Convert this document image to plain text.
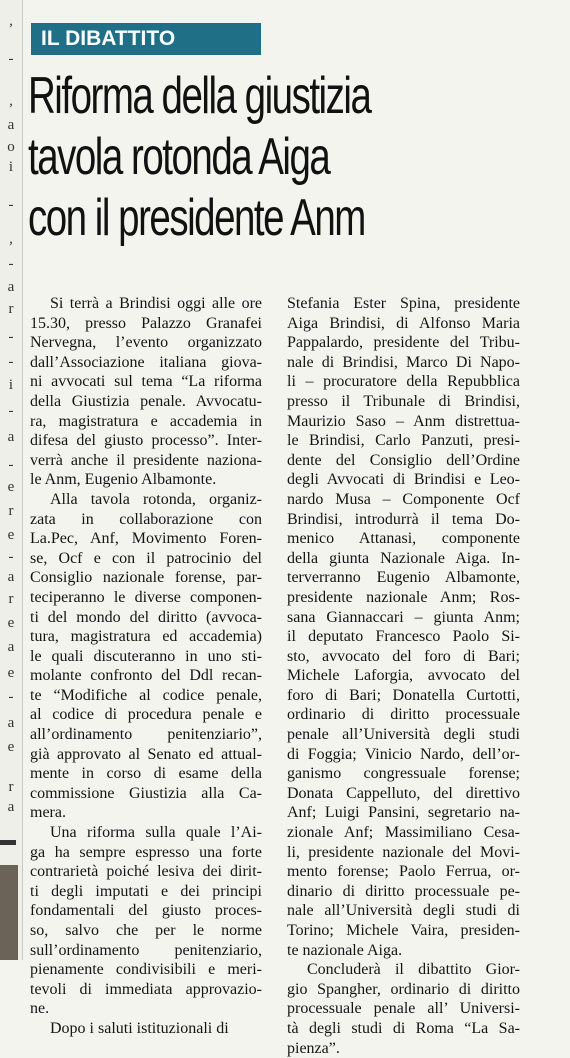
,
-
,
a
o
i
-
,
-
a
r
-
-
i
-
a
-
e
r
e
-
a
r
e
a
e
-
a
e
r
a
IL DIBATTITO
Riforma della giustizia
tavola rotonda Aiga
con il presidente Anm

Si terrà a Brindisi oggi alle ore
15.30, presso Palazzo Granafei
Nervegna, l’evento organizzato
dall’Associazione italiana giova-
ni avvocati sul tema “La riforma
della Giustizia penale. Avvocatu-
ra, magistratura e accademia in
difesa del giusto processo”. Inter-
verrà anche il presidente naziona-
le Anm, Eugenio Albamonte.

Alla tavola rotonda, organiz-
zata in collaborazione con
La.Pec, Anf, Movimento Foren-
se, Ocf e con il patrocinio del
Consiglio nazionale forense, par-
teciperanno le diverse componen-
ti del mondo del diritto (avvoca-
tura, magistratura ed accademia)
le quali discuteranno in uno sti-
molante confronto del Ddl recan-
te “Modifiche al codice penale,
al codice di procedura penale e
all’ordinamento penitenziario”,
già approvato al Senato ed attual-
mente in corso di esame della
commissione Giustizia alla Ca-
mera.

Una riforma sulla quale l’Ai-
ga ha sempre espresso una forte
contrarietà poiché lesiva dei dirit-
ti degli imputati e dei principi
fondamentali del giusto proces-
so, salvo che per le norme
sull’ordinamento penitenziario,
pienamente condivisibili e meri-
tevoli di immediata approvazio-
ne.

Dopo i saluti istituzionali di

Stefania Ester Spina, presidente
Aiga Brindisi, di Alfonso Maria
Pappalardo, presidente del Tribu-
nale di Brindisi, Marco Di Napo-
li – procuratore della Repubblica
presso il Tribunale di Brindisi,
Maurizio Saso – Anm distrettua-
le Brindisi, Carlo Panzuti, presi-
dente del Consiglio dell’Ordine
degli Avvocati di Brindisi e Leo-
nardo Musa – Componente Ocf
Brindisi, introdurrà il tema Do-
menico Attanasi, componente
della giunta Nazionale Aiga. In-
terverranno Eugenio Albamonte,
presidente nazionale Anm; Ros-
sana Giannaccari – giunta Anm;
il deputato Francesco Paolo Si-
sto, avvocato del foro di Bari;
Michele Laforgia, avvocato del
foro di Bari; Donatella Curtotti,
ordinario di diritto processuale
penale all’Università degli studi
di Foggia; Vinicio Nardo, dell’or-
ganismo congressuale forense;
Donata Cappelluto, del direttivo
Anf; Luigi Pansini, segretario na-
zionale Anf; Massimiliano Cesa-
li, presidente nazionale del Movi-
mento forense; Paolo Ferrua, or-
dinario di diritto processuale pe-
nale all’Università degli studi di
Torino; Michele Vaira, presiden-
te nazionale Aiga.

Concluderà il dibattito Gior-
gio Spangher, ordinario di diritto
processuale penale all’ Universi-
tà degli studi di Roma “La Sa-
pienza”.
